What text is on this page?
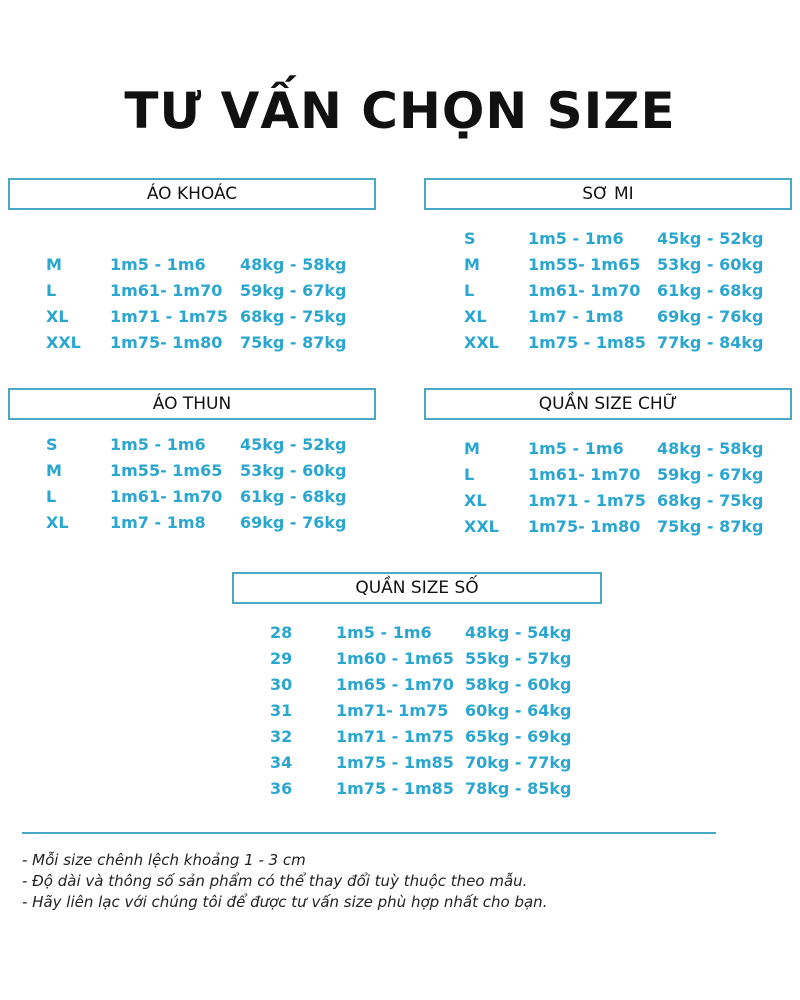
TƯ VẤN CHỌN SIZE
ÁO KHOÁC
M	1m5 - 1m6 48kg - 58kg
L	1m61- 1m70 59kg - 67kg
XL	1m71 - 1m75 68kg - 75kg
XXL 1m75- 1m80 75kg - 87kg
SƠ MI
S	1m5 - 1m6 45kg - 52kg
M	1m55- 1m65 53kg - 60kg
L	1m61- 1m70 61kg - 68kg
XL	1m7 - 1m8 69kg - 76kg
XXL 1m75 - 1m85 77kg - 84kg
ÁO THUN
S	1m5 - 1m6 45kg - 52kg
M	1m55- 1m65 53kg - 60kg
L	1m61- 1m70 61kg - 68kg
XL	1m7 - 1m8 69kg - 76kg
QUẦN SIZE CHỮ
M	1m5 - 1m6 48kg - 58kg
L	1m61- 1m70 59kg - 67kg
XL	1m71 - 1m75 68kg - 75kg
XXL 1m75- 1m80 75kg - 87kg
QUẦN SIZE SỐ
28	1m5 - 1m6 48kg - 54kg
29	1m60 - 1m65 55kg - 57kg
30	1m65 - 1m70 58kg - 60kg
31	1m71- 1m75 60kg - 64kg
32	1m71 - 1m75 65kg - 69kg
34	1m75 - 1m85 70kg - 77kg
36	1m75 - 1m85 78kg - 85kg
- Mỗi size chênh lệch khoảng 1 - 3 cm
- Độ dài và thông số sản phẩm có thể thay đổi tuỳ thuộc theo mẫu.
- Hãy liên lạc với chúng tôi để được tư vấn size phù hợp nhất cho bạn.
